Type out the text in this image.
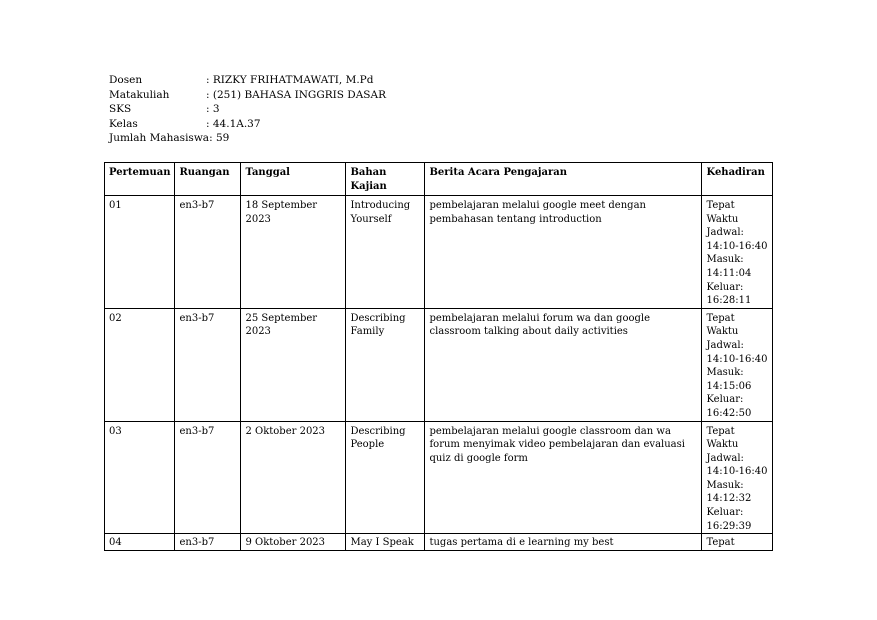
Dosen	: RIZKY FRIHATMAWATI, M.Pd
Matakuliah	: (251) BAHASA INGGRIS DASAR
SKS	: 3
Kelas	: 44.1A.37
Jumlah Mahasiswa : 59
Pertemuan	Ruangan	Tanggal	Bahan Kajian	Berita Acara Pengajaran	Kehadiran
01	en3-b7	18 September 2023	Introducing Yourself	pembelajaran melalui google meet dengan pembahasan tentang introduction	Tepat Waktu
Jadwal: 14:10-16:40
Masuk: 14:11:04
Keluar: 16:28:11
02	en3-b7	25 September 2023	Describing Family	pembelajaran melalui forum wa dan google classroom talking about daily activities	Tepat Waktu
Jadwal: 14:10-16:40
Masuk: 14:15:06
Keluar: 16:42:50
03	en3-b7	2 Oktober 2023	Describing People	pembelajaran melalui google classroom dan wa forum menyimak video pembelajaran dan evaluasi quiz di google form	Tepat Waktu
Jadwal: 14:10-16:40
Masuk: 14:12:32
Keluar: 16:29:39
04	en3-b7	9 Oktober 2023	May I Speak	tugas pertama di e learning my best	Tepat
